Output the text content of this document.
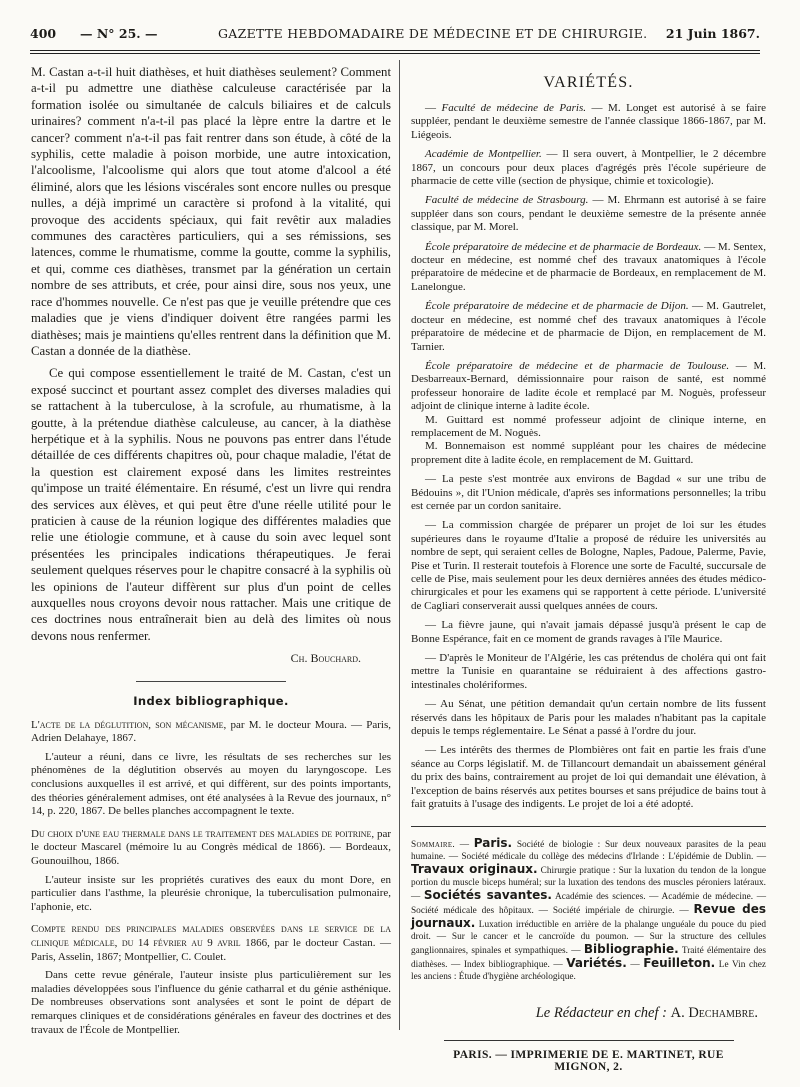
400 — N° 25. —	GAZETTE HEBDOMADAIRE DE MÉDECINE ET DE CHIRURGIE. 21 Juin 1867.

M. Castan a-t-il huit diathèses, et huit diathèses seulement? Comment a-t-il pu admettre une diathèse calculeuse caractérisée par la formation isolée ou simultanée de calculs biliaires et de calculs urinaires? comment n'a-t-il pas placé la lèpre entre la dartre et le cancer? comment n'a-t-il pas fait rentrer dans son étude, à côté de la syphilis, cette maladie à poison morbide, une autre intoxication, l'alcoolisme, l'alcoolisme qui alors que tout atome d'alcool a été éliminé, alors que les lésions viscérales sont encore nulles ou presque nulles, a déjà imprimé un caractère si profond à la vitalité, qui provoque des accidents spéciaux, qui fait revêtir aux maladies communes des caractères particuliers, qui a ses rémissions, ses latences, comme le rhumatisme, comme la goutte, comme la syphilis, et qui, comme ces diathèses, transmet par la génération un certain nombre de ses attributs, et crée, pour ainsi dire, sous nos yeux, une race d'hommes nouvelle. Ce n'est pas que je veuille prétendre que ces maladies que je viens d'indiquer doivent être rangées parmi les diathèses; mais je maintiens qu'elles rentrent dans la définition que M. Castan a donnée de la diathèse.

Ce qui compose essentiellement le traité de M. Castan, c'est un exposé succinct et pourtant assez complet des diverses maladies qui se rattachent à la tuberculose, à la scrofule, au rhumatisme, à la goutte, à la prétendue diathèse calculeuse, au cancer, à la diathèse herpétique et à la syphilis. Nous ne pouvons pas entrer dans l'étude détaillée de ces différents chapitres où, pour chaque maladie, l'état de la question est clairement exposé dans les limites restreintes qu'impose un traité élémentaire. En résumé, c'est un livre qui rendra des services aux élèves, et qui peut être d'une réelle utilité pour le praticien à cause de la réunion logique des différentes maladies que relie une étiologie commune, et à cause du soin avec lequel sont présentées les principales indications thérapeutiques. Je ferai seulement quelques réserves pour le chapitre consacré à la syphilis où les opinions de l'auteur diffèrent sur plus d'un point de celles auxquelles nous croyons devoir nous rattacher. Mais une critique de ces doctrines nous entraînerait bien au delà des limites où nous devons nous renfermer.

Ch. Bouchard.
Index bibliographique.
L'acte de la déglutition, son mécanisme, par M. le docteur Moura. — Paris, Adrien Delahaye, 1867.
L'auteur a réuni, dans ce livre, les résultats de ses recherches sur les phénomènes de la déglutition observés au moyen du laryngoscope. Les conclusions auxquelles il est arrivé, et qui diffèrent, sur des points importants, des théories généralement admises, ont été analysées à la Revue des journaux, n° 14, p. 220, 1867. De belles planches accompagnent le texte.
Du choix d'une eau thermale dans le traitement des maladies de poitrine, par le docteur Mascarel (mémoire lu au Congrès médical de 1866). — Bordeaux, Gounouilhou, 1866.
L'auteur insiste sur les propriétés curatives des eaux du mont Dore, en particulier dans l'asthme, la pleurésie chronique, la tuberculisation pulmonaire, l'aphonie, etc.
Compte rendu des principales maladies observées dans le service de la clinique médicale, du 14 février au 9 avril 1866, par le docteur Castan. — Paris, Asselin, 1867; Montpellier, C. Coulet.
Dans cette revue générale, l'auteur insiste plus particulièrement sur les maladies développées sous l'influence du génie catharral et du génie asthénique. De nombreuses observations sont analysées et sont le point de départ de remarques cliniques et de considérations générales en faveur des doctrines et des travaux de l'École de Montpellier.
VARIÉTÉS.
— Faculté de médecine de Paris. — M. Longet est autorisé à se faire suppléer, pendant le deuxième semestre de l'année classique 1866-1867, par M. Liégeois.
Académie de Montpellier. — Il sera ouvert, à Montpellier, le 2 décembre 1867, un concours pour deux places d'agrégés près l'école supérieure de pharmacie de cette ville (section de physique, chimie et toxicologie).
Faculté de médecine de Strasbourg. — M. Ehrmann est autorisé à se faire suppléer dans son cours, pendant le deuxième semestre de la présente année classique, par M. Morel.
École préparatoire de médecine et de pharmacie de Bordeaux. — M. Sentex, docteur en médecine, est nommé chef des travaux anatomiques à l'école préparatoire de médecine et de pharmacie de Bordeaux, en remplacement de M. Lanelongue.
École préparatoire de médecine et de pharmacie de Dijon. — M. Gautrelet, docteur en médecine, est nommé chef des travaux anatomiques à l'école préparatoire de médecine et de pharmacie de Dijon, en remplacement de M. Tarnier.
École préparatoire de médecine et de pharmacie de Toulouse. — M. Desbarreaux-Bernard, démissionnaire pour raison de santé, est nommé professeur honoraire de ladite école et remplacé par M. Noguès, professeur adjoint de clinique interne à ladite école.
M. Guittard est nommé professeur adjoint de clinique interne, en remplacement de M. Noguès.
M. Bonnemaison est nommé suppléant pour les chaires de médecine proprement dite à ladite école, en remplacement de M. Guittard.
— La peste s'est montrée aux environs de Bagdad « sur une tribu de Bédouins », dit l'Union médicale, d'après ses informations personnelles; la tribu est cernée par un cordon sanitaire.
— La commission chargée de préparer un projet de loi sur les études supérieures dans le royaume d'Italie a proposé de réduire les universités au nombre de sept, qui seraient celles de Bologne, Naples, Padoue, Palerme, Pavie, Pise et Turin. Il resterait toutefois à Florence une sorte de Faculté, succursale de celle de Pise, mais seulement pour les deux dernières années des études médico-chirurgicales et pour les examens qui se rapportent à cette période. L'université de Cagliari conserverait aussi quelques années de cours.
— La fièvre jaune, qui n'avait jamais dépassé jusqu'à présent le cap de Bonne Espérance, fait en ce moment de grands ravages à l'île Maurice.
— D'après le Moniteur de l'Algérie, les cas prétendus de choléra qui ont fait mettre la Tunisie en quarantaine se réduiraient à des affections gastro-intestinales cholériformes.
— Au Sénat, une pétition demandait qu'un certain nombre de lits fussent réservés dans les hôpitaux de Paris pour les malades n'habitant pas la capitale depuis le temps réglementaire. Le Sénat a passé à l'ordre du jour.
— Les intérêts des thermes de Plombières ont fait en partie les frais d'une séance au Corps législatif. M. de Tillancourt demandait un abaissement général du prix des bains, contrairement au projet de loi qui demandait une élévation, à l'exception de bains réservés aux petites bourses et sans préjudice de bains tout à fait gratuits à l'usage des indigents. Le projet de loi a été adopté.
Sommaire. — Paris. Société de biologie : Sur deux nouveaux parasites de la peau humaine. — Société médicale du collège des médecins d'Irlande : L'épidémie de Dublin. — Travaux originaux. Chirurgie pratique : Sur la luxation du tendon de la longue portion du muscle biceps huméral; sur la luxation des tendons des muscles péroniers latéraux. — Sociétés savantes. Académie des sciences. — Académie de médecine. — Société médicale des hôpitaux. — Société impériale de chirurgie. — Revue des journaux. Luxation irréductible en arrière de la phalange unguéale du pouce du pied droit. — Sur le cancer et le cancroïde du poumon. — Sur la structure des cellules ganglionnaires, spinales et sympathiques. — Bibliographie. Traité élémentaire des diathèses. — Index bibliographique. — Variétés. — Feuilleton. Le Vin chez les anciens : Étude d'hygiène archéologique.
Le Rédacteur en chef : A. Dechambre.
PARIS. — IMPRIMERIE DE E. MARTINET, RUE MIGNON, 2.
